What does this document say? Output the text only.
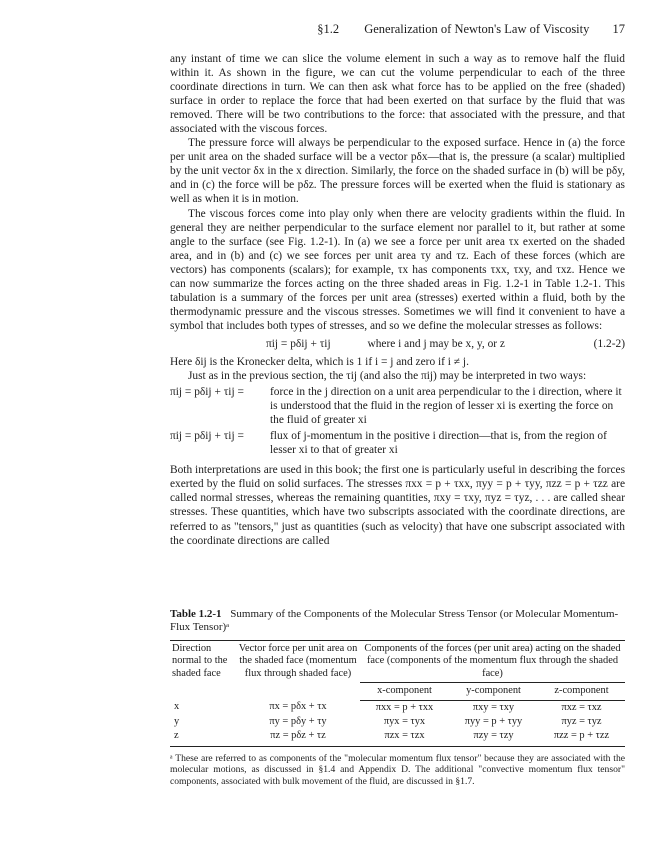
§1.2 Generalization of Newton's Law of Viscosity 17

any instant of time we can slice the volume element in such a way as to remove half the fluid within it. As shown in the figure, we can cut the volume perpendicular to each of the three coordinate directions in turn. We can then ask what force has to be applied on the free (shaded) surface in order to replace the force that had been exerted on that surface by the fluid that was removed. There will be two contributions to the force: that associated with the pressure, and that associated with the viscous forces.

The pressure force will always be perpendicular to the exposed surface. Hence in (a) the force per unit area on the shaded surface will be a vector pδx—that is, the pressure (a scalar) multiplied by the unit vector δx in the x direction. Similarly, the force on the shaded surface in (b) will be pδy, and in (c) the force will be pδz. The pressure forces will be exerted when the fluid is stationary as well as when it is in motion.

The viscous forces come into play only when there are velocity gradients within the fluid. In general they are neither perpendicular to the surface element nor parallel to it, but rather at some angle to the surface (see Fig. 1.2-1). In (a) we see a force per unit area τx exerted on the shaded area, and in (b) and (c) we see forces per unit area τy and τz. Each of these forces (which are vectors) has components (scalars); for example, τx has components τxx, τxy, and τxz. Hence we can now summarize the forces acting on the three shaded areas in Fig. 1.2-1 in Table 1.2-1. This tabulation is a summary of the forces per unit area (stresses) exerted within a fluid, both by the thermodynamic pressure and the viscous stresses. Sometimes we will find it convenient to have a symbol that includes both types of stresses, and so we define the molecular stresses as follows:

πij = pδij + τij	where i and j may be x, y, or z	(1.2-2)

Here δij is the Kronecker delta, which is 1 if i = j and zero if i ≠ j.

Just as in the previous section, the τij (and also the πij) may be interpreted in two ways:

πij = pδij + τij =	force in the j direction on a unit area perpendicular to the i direction, where it is understood that the fluid in the region of lesser xi is exerting the force on the fluid of greater xi
πij = pδij + τij =	flux of j-momentum in the positive i direction—that is, from the region of lesser xi to that of greater xi

Both interpretations are used in this book; the first one is particularly useful in describing the forces exerted by the fluid on solid surfaces. The stresses πxx = p + τxx, πyy = p + τyy, πzz = p + τzz are called normal stresses, whereas the remaining quantities, πxy = τxy, πyz = τyz, . . . are called shear stresses. These quantities, which have two subscripts associated with the coordinate directions, are referred to as "tensors," just as quantities (such as velocity) that have one subscript associated with the coordinate directions are called

Table 1.2-1 Summary of the Components of the Molecular Stress Tensor (or Molecular Momentum-Flux Tensor)ᵃ
Direction normal to the shaded face	Vector force per unit area on the shaded face (momentum flux through shaded face)	Components of the forces (per unit area) acting on the shaded face (components of the momentum flux through the shaded face)		
		x-component	y-component	z-component
x	πx = pδx + τx	πxx = p + τxx	πxy = τxy	πxz = τxz
y	πy = pδy + τy	πyx = τyx	πyy = p + τyy	πyz = τyz
z	πz = pδz + τz	πzx = τzx	πzy = τzy	πzz = p + τzz
ᵃ These are referred to as components of the "molecular momentum flux tensor" because they are associated with the molecular motions, as discussed in §1.4 and Appendix D. The additional "convective momentum flux tensor" components, associated with bulk movement of the fluid, are discussed in §1.7.
